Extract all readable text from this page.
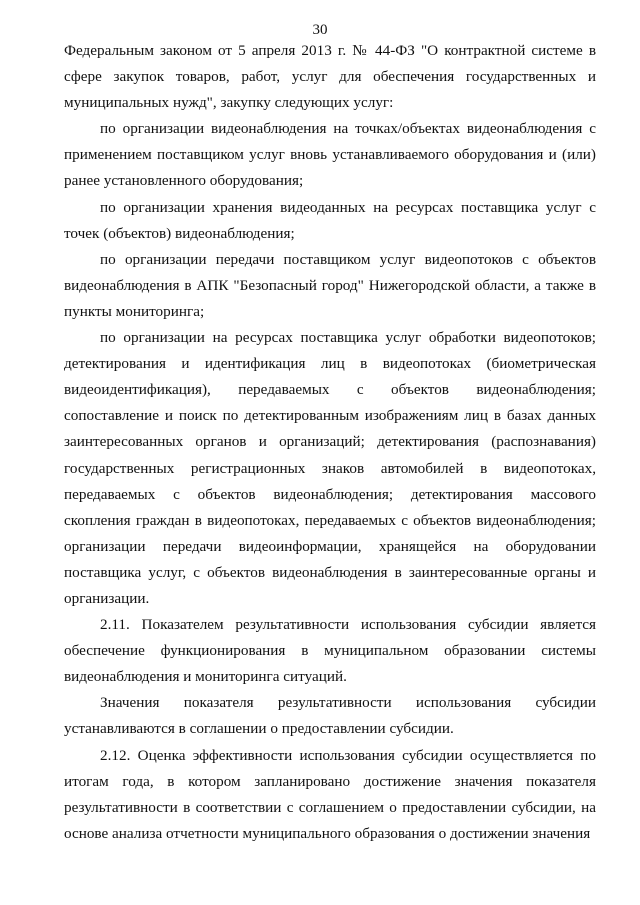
30

Федеральным законом от 5 апреля 2013 г. № 44-ФЗ "О контрактной системе в сфере закупок товаров, работ, услуг для обеспечения государственных и муниципальных нужд", закупку следующих услуг:

по организации видеонаблюдения на точках/объектах видеонаблюдения с применением поставщиком услуг вновь устанавливаемого оборудования и (или) ранее установленного оборудования;

по организации хранения видеоданных на ресурсах поставщика услуг с точек (объектов) видеонаблюдения;

по организации передачи поставщиком услуг видеопотоков с объектов видеонаблюдения в АПК "Безопасный город" Нижегородской области, а также в пункты мониторинга;

по организации на ресурсах поставщика услуг обработки видеопотоков; детектирования и идентификация лиц в видеопотоках (биометрическая видеоидентификация), передаваемых с объектов видеонаблюдения; сопоставление и поиск по детектированным изображениям лиц в базах данных заинтересованных органов и организаций; детектирования (распознавания) государственных регистрационных знаков автомобилей в видеопотоках, передаваемых с объектов видеонаблюдения; детектирования массового скопления граждан в видеопотоках, передаваемых с объектов видеонаблюдения; организации передачи видеоинформации, хранящейся на оборудовании поставщика услуг, с объектов видеонаблюдения в заинтересованные органы и организации.

2.11. Показателем результативности использования субсидии является обеспечение функционирования в муниципальном образовании системы видеонаблюдения и мониторинга ситуаций.

Значения показателя результативности использования субсидии устанавливаются в соглашении о предоставлении субсидии.

2.12. Оценка эффективности использования субсидии осуществляется по итогам года, в котором запланировано достижение значения показателя результативности в соответствии с соглашением о предоставлении субсидии, на основе анализа отчетности муниципального образования о достижении значения
